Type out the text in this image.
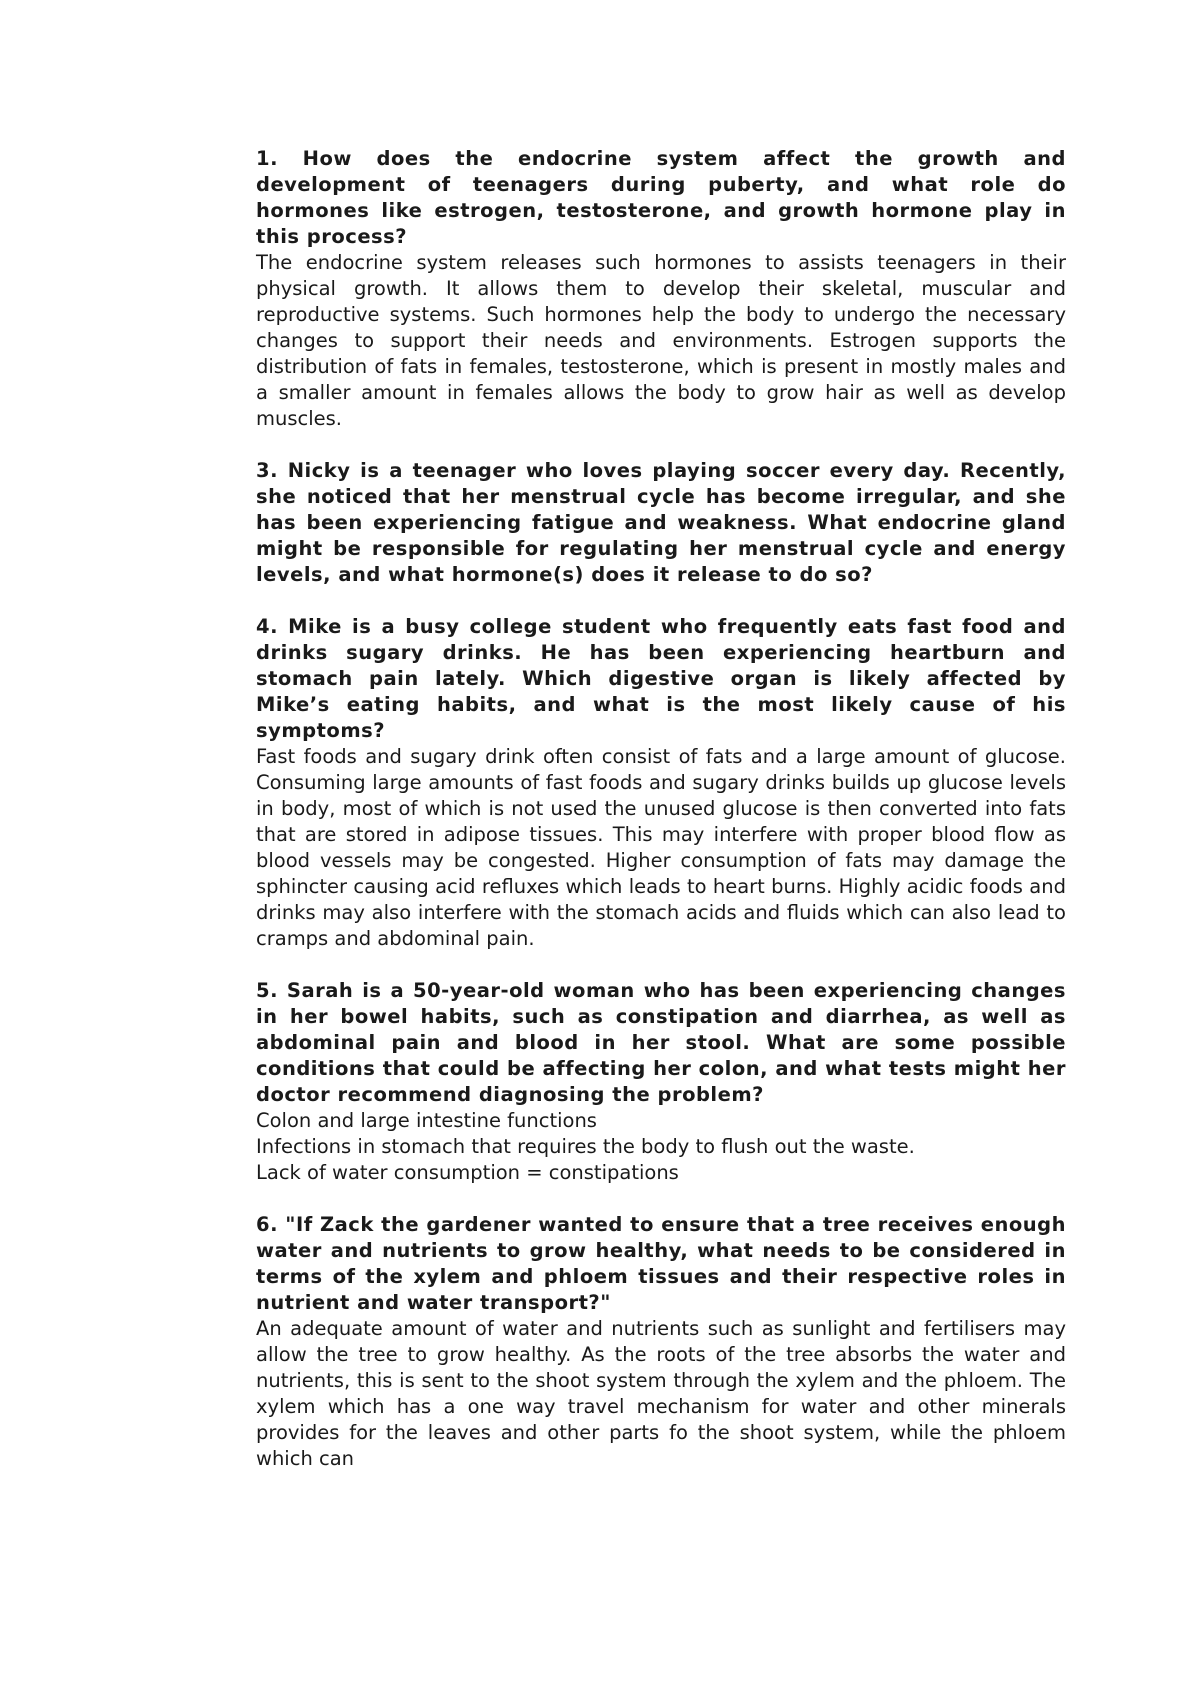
1. How does the endocrine system affect the growth and development of teenagers during puberty, and what role do hormones like estrogen, testosterone, and growth hormone play in this process?

The endocrine system releases such hormones to assists teenagers in their physical growth. It allows them to develop their skeletal, muscular and reproductive systems. Such hormones help the body to undergo the necessary changes to support their needs and environments. Estrogen supports the distribution of fats in females, testosterone, which is present in mostly males and a smaller amount in females allows the body to grow hair as well as develop muscles.

3. Nicky is a teenager who loves playing soccer every day. Recently, she noticed that her menstrual cycle has become irregular, and she has been experiencing fatigue and weakness. What endocrine gland might be responsible for regulating her menstrual cycle and energy levels, and what hormone(s) does it release to do so?

4. Mike is a busy college student who frequently eats fast food and drinks sugary drinks. He has been experiencing heartburn and stomach pain lately. Which digestive organ is likely affected by Mike’s eating habits, and what is the most likely cause of his symptoms?

Fast foods and sugary drink often consist of fats and a large amount of glucose. Consuming large amounts of fast foods and sugary drinks builds up glucose levels in body, most of which is not used the unused glucose is then converted into fats that are stored in adipose tissues. This may interfere with proper blood flow as blood vessels may be congested. Higher consumption of fats may damage the sphincter causing acid refluxes which leads to heart burns. Highly acidic foods and drinks may also interfere with the stomach acids and fluids which can also lead to cramps and abdominal pain.

5. Sarah is a 50-year-old woman who has been experiencing changes in her bowel habits, such as constipation and diarrhea, as well as abdominal pain and blood in her stool. What are some possible conditions that could be affecting her colon, and what tests might her doctor recommend diagnosing the problem?

Colon and large intestine functions

Infections in stomach that requires the body to flush out the waste.

Lack of water consumption = constipations

6. "If Zack the gardener wanted to ensure that a tree receives enough water and nutrients to grow healthy, what needs to be considered in terms of the xylem and phloem tissues and their respective roles in nutrient and water transport?"

An adequate amount of water and nutrients such as sunlight and fertilisers may allow the tree to grow healthy. As the roots of the tree absorbs the water and nutrients, this is sent to the shoot system through the xylem and the phloem. The xylem which has a one way travel mechanism for water and other minerals provides for the leaves and other parts fo the shoot system, while the phloem which can
